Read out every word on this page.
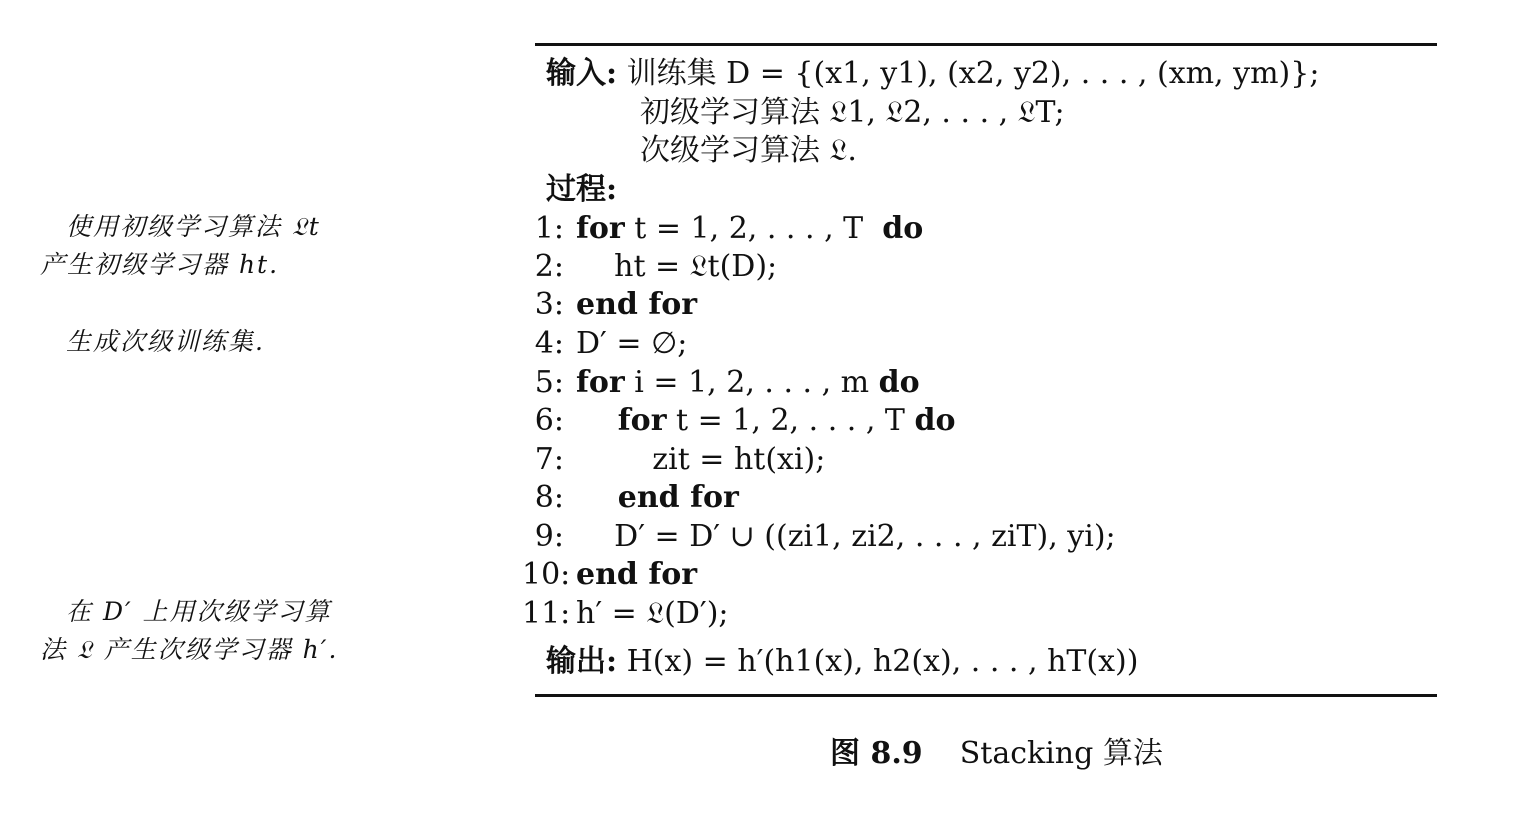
使用初级学习算法 𝔏t
产生初级学习器 ht.
生成次级训练集.
在 D′ 上用次级学习算
法 𝔏 产生次级学习器 h′.
输入: 训练集 D = {(x1, y1), (x2, y2), . . . , (xm, ym)};
初级学习算法 𝔏1, 𝔏2, . . . , 𝔏T;
次级学习算法 𝔏.
过程:
1: for t = 1, 2, . . . , T  do
2:    ht = 𝔏t(D);
3: end for
4: D′ = ∅;
5: for i = 1, 2, . . . , m do
6:    for t = 1, 2, . . . , T do
7:        zit = ht(xi);
8:    end for
9:    D′ = D′ ∪ ((zi1, zi2, . . . , ziT), yi);
10: end for
11: h′ = 𝔏(D′);
输出: H(x) = h′(h1(x), h2(x), . . . , hT(x))
图 8.9 Stacking 算法
